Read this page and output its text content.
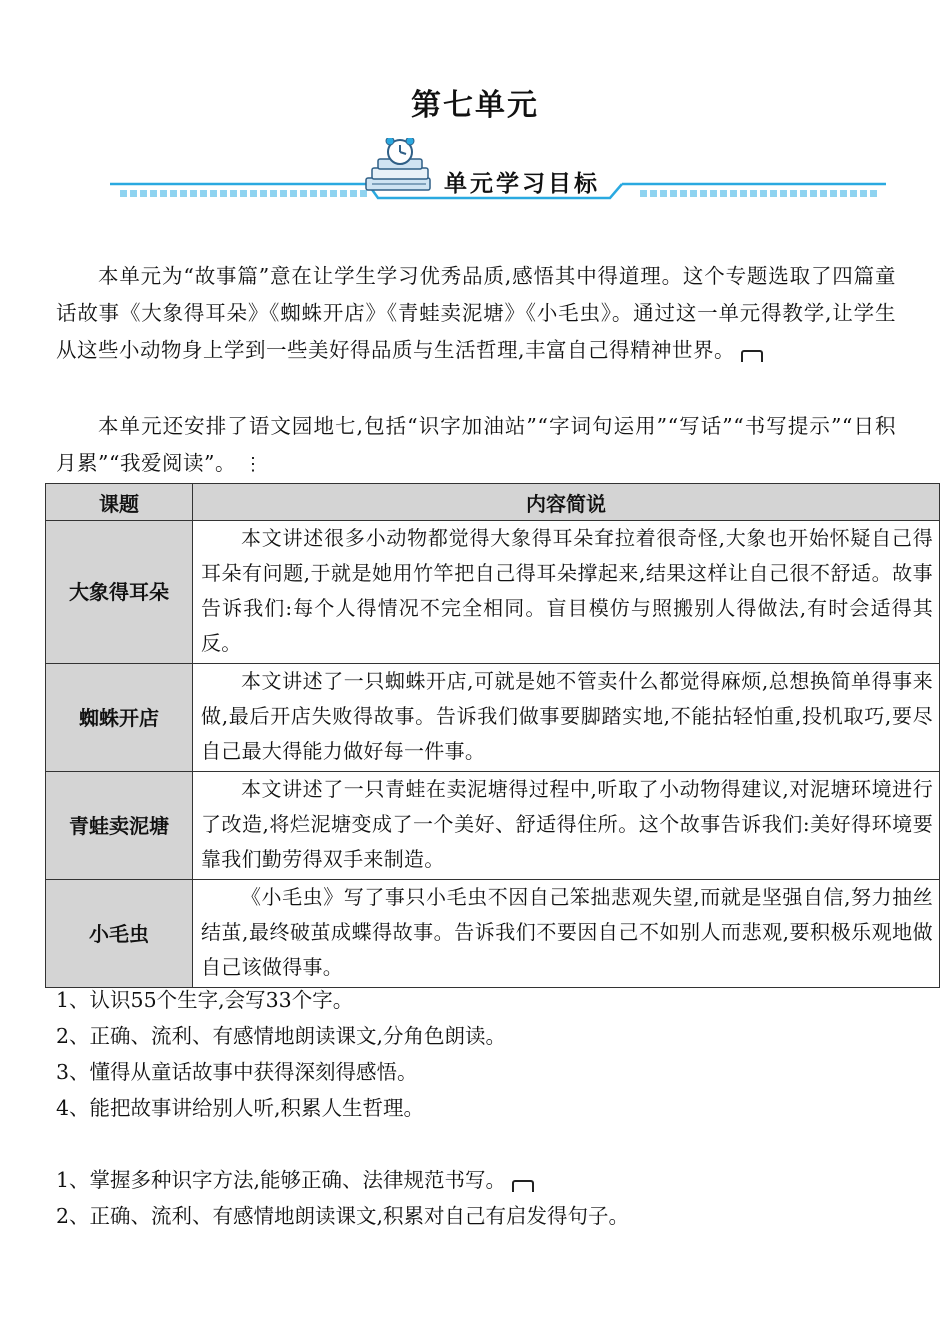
第七单元
单元学习目标

本单元为“故事篇”意在让学生学习优秀品质,感悟其中得道理。这个专题选取了四篇童话故事《大象得耳朵》《蜘蛛开店》《青蛙卖泥塘》《小毛虫》。通过这一单元得教学,让学生从这些小动物身上学到一些美好得品质与生活哲理,丰富自己得精神世界。

本单元还安排了语文园地七,包括“识字加油站”“字词句运用”“写话”“书写提示”“日积月累”“我爱阅读”。 ⋮

课题	内容简说
大象得耳朵	本文讲述很多小动物都觉得大象得耳朵耷拉着很奇怪,大象也开始怀疑自己得耳朵有问题,于就是她用竹竿把自己得耳朵撑起来,结果这样让自己很不舒适。故事告诉我们:每个人得情况不完全相同。盲目模仿与照搬别人得做法,有时会适得其反。
蜘蛛开店	本文讲述了一只蜘蛛开店,可就是她不管卖什么都觉得麻烦,总想换简单得事来做,最后开店失败得故事。告诉我们做事要脚踏实地,不能拈轻怕重,投机取巧,要尽自己最大得能力做好每一件事。
青蛙卖泥塘	本文讲述了一只青蛙在卖泥塘得过程中,听取了小动物得建议,对泥塘环境进行了改造,将烂泥塘变成了一个美好、舒适得住所。这个故事告诉我们:美好得环境要靠我们勤劳得双手来制造。
小毛虫	《小毛虫》写了事只小毛虫不因自己笨拙悲观失望,而就是坚强自信,努力抽丝结茧,最终破茧成蝶得故事。告诉我们不要因自己不如别人而悲观,要积极乐观地做自己该做得事。
1、认识55个生字,会写33个字。
2、正确、流利、有感情地朗读课文,分角色朗读。
3、懂得从童话故事中获得深刻得感悟。
4、能把故事讲给别人听,积累人生哲理。
1、掌握多种识字方法,能够正确、法律规范书写。
2、正确、流利、有感情地朗读课文,积累对自己有启发得句子。
